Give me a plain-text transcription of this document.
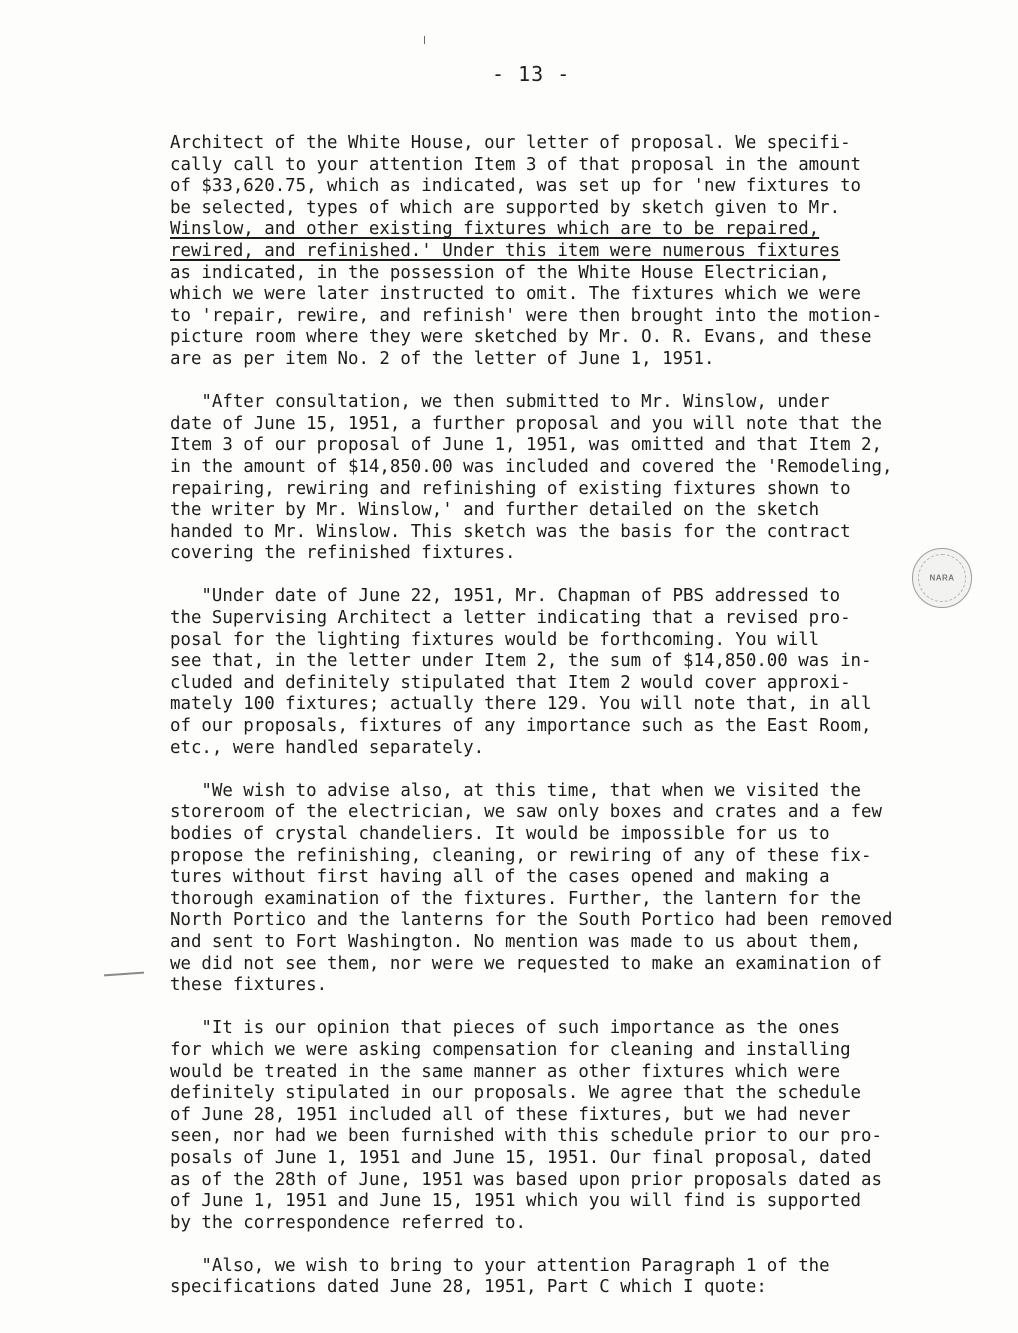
- 13 -
Architect of the White House, our letter of proposal. We specifi-
cally call to your attention Item 3 of that proposal in the amount
of $33,620.75, which as indicated, was set up for 'new fixtures to
be selected, types of which are supported by sketch given to Mr.
Winslow, and other existing fixtures which are to be repaired,
rewired, and refinished.' Under this item were numerous fixtures
as indicated, in the possession of the White House Electrician,
which we were later instructed to omit. The fixtures which we were
to 'repair, rewire, and refinish' were then brought into the motion-
picture room where they were sketched by Mr. O. R. Evans, and these
are as per item No. 2 of the letter of June 1, 1951.
"After consultation, we then submitted to Mr. Winslow, under
date of June 15, 1951, a further proposal and you will note that the
Item 3 of our proposal of June 1, 1951, was omitted and that Item 2,
in the amount of $14,850.00 was included and covered the 'Remodeling,
repairing, rewiring and refinishing of existing fixtures shown to
the writer by Mr. Winslow,' and further detailed on the sketch
handed to Mr. Winslow. This sketch was the basis for the contract
covering the refinished fixtures.
"Under date of June 22, 1951, Mr. Chapman of PBS addressed to
the Supervising Architect a letter indicating that a revised pro-
posal for the lighting fixtures would be forthcoming. You will
see that, in the letter under Item 2, the sum of $14,850.00 was in-
cluded and definitely stipulated that Item 2 would cover approxi-
mately 100 fixtures; actually there 129. You will note that, in all
of our proposals, fixtures of any importance such as the East Room,
etc., were handled separately.
"We wish to advise also, at this time, that when we visited the
storeroom of the electrician, we saw only boxes and crates and a few
bodies of crystal chandeliers. It would be impossible for us to
propose the refinishing, cleaning, or rewiring of any of these fix-
tures without first having all of the cases opened and making a
thorough examination of the fixtures. Further, the lantern for the
North Portico and the lanterns for the South Portico had been removed
and sent to Fort Washington. No mention was made to us about them,
we did not see them, nor were we requested to make an examination of
these fixtures.
"It is our opinion that pieces of such importance as the ones
for which we were asking compensation for cleaning and installing
would be treated in the same manner as other fixtures which were
definitely stipulated in our proposals. We agree that the schedule
of June 28, 1951 included all of these fixtures, but we had never
seen, nor had we been furnished with this schedule prior to our pro-
posals of June 1, 1951 and June 15, 1951. Our final proposal, dated
as of the 28th of June, 1951 was based upon prior proposals dated as
of June 1, 1951 and June 15, 1951 which you will find is supported
by the correspondence referred to.
"Also, we wish to bring to your attention Paragraph 1 of the
specifications dated June 28, 1951, Part C which I quote:
NARA
